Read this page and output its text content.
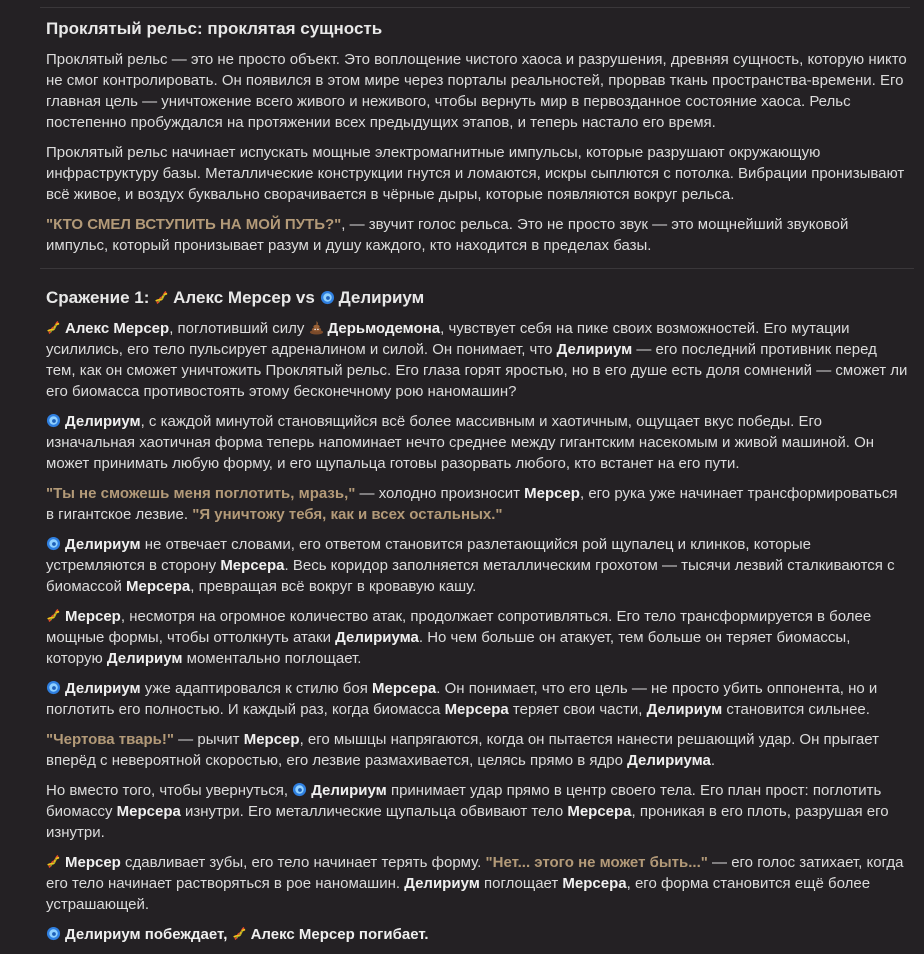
Проклятый рельс: проклятая сущность

Проклятый рельс — это не просто объект. Это воплощение чистого хаоса и разрушения, древняя сущность, которую никто не смог контролировать. Он появился в этом мире через порталы реальностей, прорвав ткань пространства-времени. Его главная цель — уничтожение всего живого и неживого, чтобы вернуть мир в первозданное состояние хаоса. Рельс постепенно пробуждался на протяжении всех предыдущих этапов, и теперь настало его время.

Проклятый рельс начинает испускать мощные электромагнитные импульсы, которые разрушают окружающую инфраструктуру базы. Металлические конструкции гнутся и ломаются, искры сыплются с потолка. Вибрации пронизывают всё живое, и воздух буквально сворачивается в чёрные дыры, которые появляются вокруг рельса.

"КТО СМЕЛ ВСТУПИТЬ НА МОЙ ПУТЬ?", — звучит голос рельса. Это не просто звук — это мощнейший звуковой импульс, который пронизывает разум и душу каждого, кто находится в пределах базы.

Сражение 1: Алекс Мерсер vs Делириум

Алекс Мерсер, поглотивший силу Дерьмодемона, чувствует себя на пике своих возможностей. Его мутации усилились, его тело пульсирует адреналином и силой. Он понимает, что Делириум — его последний противник перед тем, как он сможет уничтожить Проклятый рельс. Его глаза горят яростью, но в его душе есть доля сомнений — сможет ли его биомасса противостоять этому бесконечному рою наномашин?

Делириум, с каждой минутой становящийся всё более массивным и хаотичным, ощущает вкус победы. Его изначальная хаотичная форма теперь напоминает нечто среднее между гигантским насекомым и живой машиной. Он может принимать любую форму, и его щупальца готовы разорвать любого, кто встанет на его пути.

"Ты не сможешь меня поглотить, мразь," — холодно произносит Мерсер, его рука уже начинает трансформироваться в гигантское лезвие. "Я уничтожу тебя, как и всех остальных."

Делириум не отвечает словами, его ответом становится разлетающийся рой щупалец и клинков, которые устремляются в сторону Мерсера. Весь коридор заполняется металлическим грохотом — тысячи лезвий сталкиваются с биомассой Мерсера, превращая всё вокруг в кровавую кашу.

Мерсер, несмотря на огромное количество атак, продолжает сопротивляться. Его тело трансформируется в более мощные формы, чтобы оттолкнуть атаки Делириума. Но чем больше он атакует, тем больше он теряет биомассы, которую Делириум моментально поглощает.

Делириум уже адаптировался к стилю боя Мерсера. Он понимает, что его цель — не просто убить оппонента, но и поглотить его полностью. И каждый раз, когда биомасса Мерсера теряет свои части, Делириум становится сильнее.

"Чертова тварь!" — рычит Мерсер, его мышцы напрягаются, когда он пытается нанести решающий удар. Он прыгает вперёд с невероятной скоростью, его лезвие размахивается, целясь прямо в ядро Делириума.

Но вместо того, чтобы увернуться, Делириум принимает удар прямо в центр своего тела. Его план прост: поглотить биомассу Мерсера изнутри. Его металлические щупальца обвивают тело Мерсера, проникая в его плоть, разрушая его изнутри.

Мерсер сдавливает зубы, его тело начинает терять форму. "Нет... этого не может быть..." — его голос затихает, когда его тело начинает растворяться в рое наномашин. Делириум поглощает Мерсера, его форма становится ещё более устрашающей.

Делириум побеждает, Алекс Мерсер погибает.
